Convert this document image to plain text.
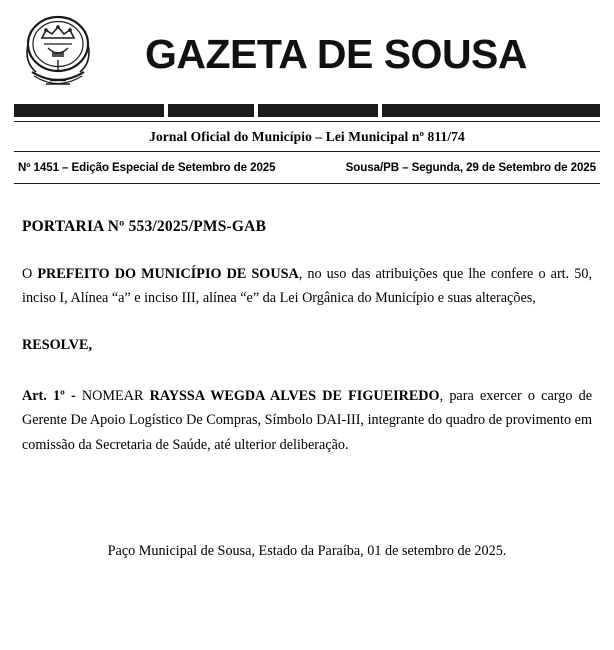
GAZETA DE SOUSA
Jornal Oficial do Município – Lei Municipal nº 811/74
Nº 1451 – Edição Especial de Setembro de 2025	Sousa/PB – Segunda, 29 de Setembro de 2025
PORTARIA Nº 553/2025/PMS-GAB

O PREFEITO DO MUNICÍPIO DE SOUSA, no uso das atribuições que lhe confere o art. 50, inciso I, Alínea “a” e inciso III, alínea “e” da Lei Orgânica do Município e suas alterações,

RESOLVE,

Art. 1º - NOMEAR RAYSSA WEGDA ALVES DE FIGUEIREDO, para exercer o cargo de Gerente De Apoio Logístico De Compras, Símbolo DAI-III, integrante do quadro de provimento em comissão da Secretaria de Saúde, até ulterior deliberação.

Paço Municipal de Sousa, Estado da Paraíba, 01 de setembro de 2025.
